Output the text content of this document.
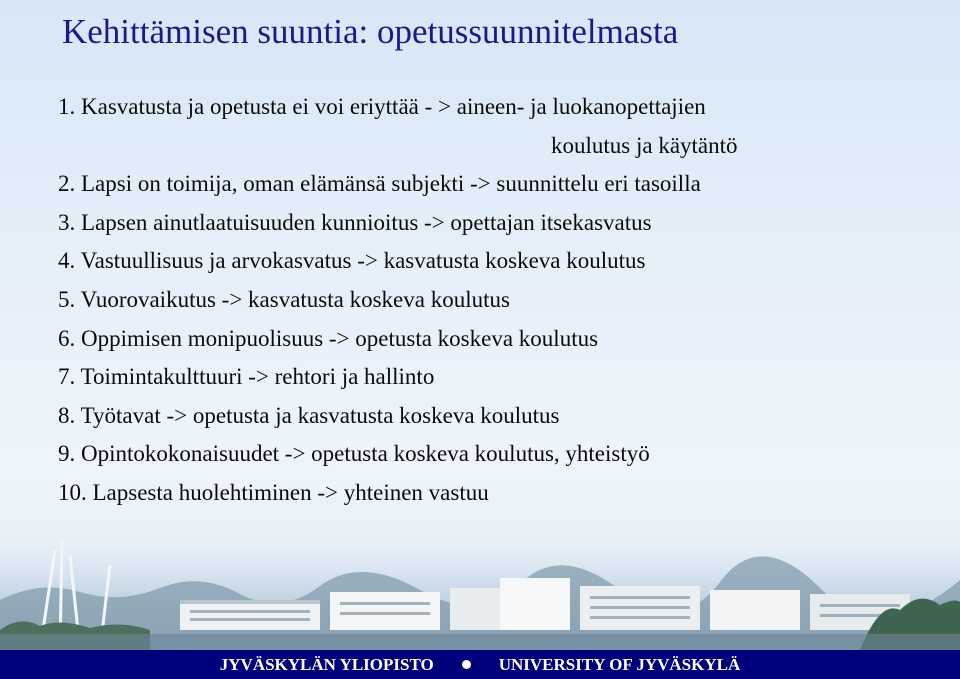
Kehittämisen suuntia: opetussuunnitelmasta
1. Kasvatusta ja opetusta ei voi eriyttää - > aineen- ja luokanopettajien
koulutus ja käytäntö
2. Lapsi on toimija, oman elämänsä subjekti -> suunnittelu eri tasoilla
3. Lapsen ainutlaatuisuuden kunnioitus -> opettajan itsekasvatus
4. Vastuullisuus ja arvokasvatus -> kasvatusta koskeva koulutus
5. Vuorovaikutus -> kasvatusta koskeva koulutus
6. Oppimisen monipuolisuus -> opetusta koskeva koulutus
7. Toimintakulttuuri -> rehtori ja hallinto
8. Työtavat -> opetusta ja kasvatusta koskeva koulutus
9. Opintokokonaisuudet -> opetusta koskeva koulutus, yhteistyö
10. Lapsesta huolehtiminen -> yhteinen vastuu
JYVÄSKYLÄN YLIOPISTO	UNIVERSITY OF JYVÄSKYLÄ
